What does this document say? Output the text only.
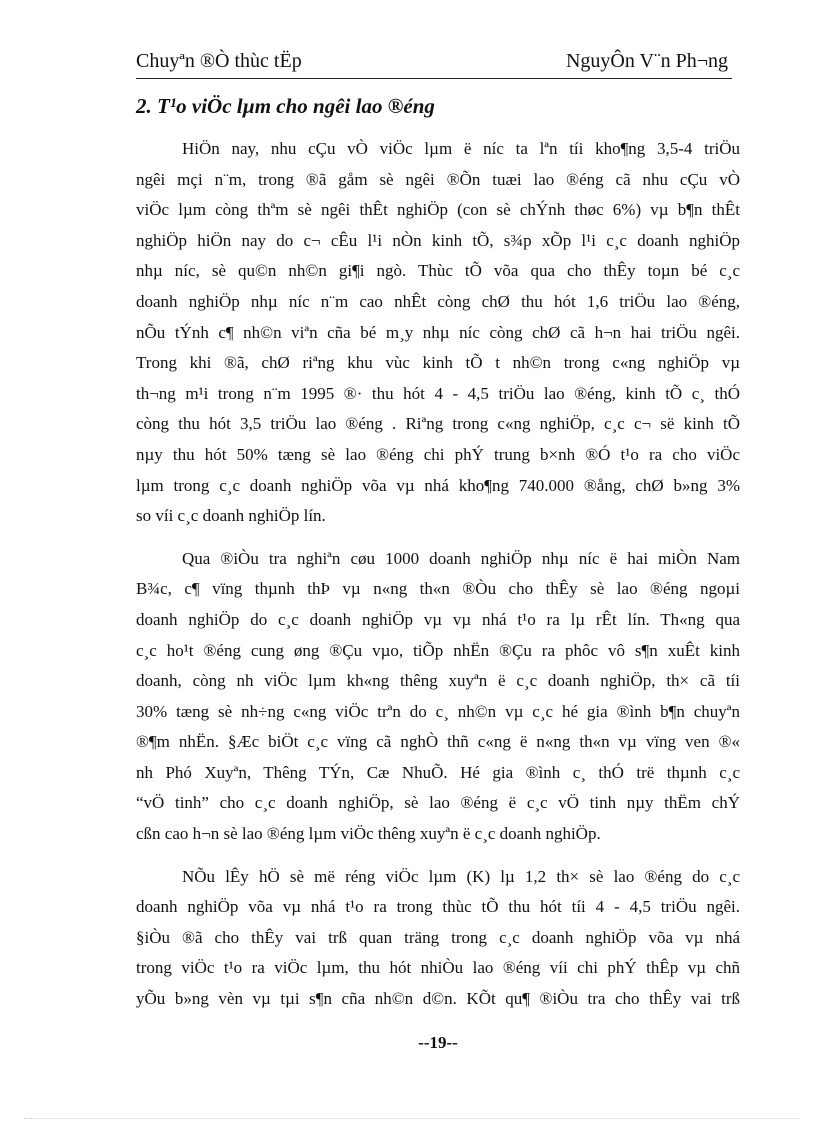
Chuyªn ®Ò thùc tËp	NguyÔn V¨n Ph¬ng
2. T¹o viÖc lµm cho ngêi lao ®éng
HiÖn nay, nhu cÇu vÒ viÖc lµm ë níc ta lªn tíi kho¶ng 3,5-4 triÖu
ngêi mçi n¨m, trong ®ã gåm sè ngêi ®Õn tuæi lao ®éng cã nhu cÇu vÒ
viÖc lµm còng thªm sè ngêi thÊt nghiÖp (con sè chÝnh thøc 6%) vµ b¶n thÊt
nghiÖp hiÖn nay do c¬ cÊu l¹i nÒn kinh tÕ, s¾p xÕp l¹i c¸c doanh nghiÖp
nhµ níc, sè qu©n nh©n gi¶i ngò. Thùc tÕ võa qua cho thÊy toµn bé c¸c
doanh nghiÖp nhµ níc n¨m cao nhÊt còng chØ thu hót 1,6 triÖu lao ®éng,
nÕu tÝnh c¶ nh©n viªn cña bé m¸y nhµ níc còng chØ cã h¬n hai triÖu ngêi.
Trong khi ®ã, chØ riªng khu vùc kinh tÕ t nh©n trong c«ng nghiÖp vµ
th¬ng m¹i trong n¨m 1995 ®· thu hót 4 - 4,5 triÖu lao ®éng, kinh tÕ c¸ thÓ
còng thu hót 3,5 triÖu lao ®éng . Riªng trong c«ng nghiÖp, c¸c c¬ së kinh tÕ
nµy thu hót 50% tæng sè lao ®éng chi phÝ trung b×nh ®Ó t¹o ra cho viÖc
lµm trong c¸c doanh nghiÖp võa vµ nhá kho¶ng 740.000 ®ång, chØ b»ng 3%
so víi c¸c doanh nghiÖp lín.
Qua ®iÒu tra nghiªn cøu 1000 doanh nghiÖp nhµ níc ë hai miÒn Nam
B¾c, c¶ vïng thµnh thÞ vµ n«ng th«n ®Òu cho thÊy sè lao ®éng ngoµi
doanh nghiÖp do c¸c doanh nghiÖp vµ vµ nhá t¹o ra lµ rÊt lín. Th«ng qua
c¸c ho¹t ®éng cung øng ®Çu vµo, tiÕp nhËn ®Çu ra phôc vô s¶n xuÊt kinh
doanh, còng nh viÖc lµm kh«ng thêng xuyªn ë c¸c doanh nghiÖp, th× cã tíi
30% tæng sè nh÷ng c«ng viÖc trªn do c¸ nh©n vµ c¸c hé gia ®ình b¶n chuyªn
®¶m nhËn. §Æc biÖt c¸c vïng cã nghÒ thñ c«ng ë n«ng th«n vµ vïng ven ®«
nh Phó Xuyªn, Thêng TÝn, Cæ NhuÕ. Hé gia ®ình c¸ thÓ trë thµnh c¸c
“vÖ tinh” cho c¸c doanh nghiÖp, sè lao ®éng ë c¸c vÖ tinh nµy thËm chÝ
cßn cao h¬n sè lao ®éng lµm viÖc thêng xuyªn ë c¸c doanh nghiÖp.
NÕu lÊy hÖ sè më réng viÖc lµm (K) lµ 1,2 th× sè lao ®éng do c¸c
doanh nghiÖp võa vµ nhá t¹o ra trong thùc tÕ thu hót tíi 4 - 4,5 triÖu ngêi.
§iÒu ®ã cho thÊy vai trß quan träng trong c¸c doanh nghiÖp võa vµ nhá
trong viÖc t¹o ra viÖc lµm, thu hót nhiÒu lao ®éng víi chi phÝ thÊp vµ chñ
yÕu b»ng vèn vµ tµi s¶n cña nh©n d©n. KÕt qu¶ ®iÒu tra cho thÊy vai trß
--19--
